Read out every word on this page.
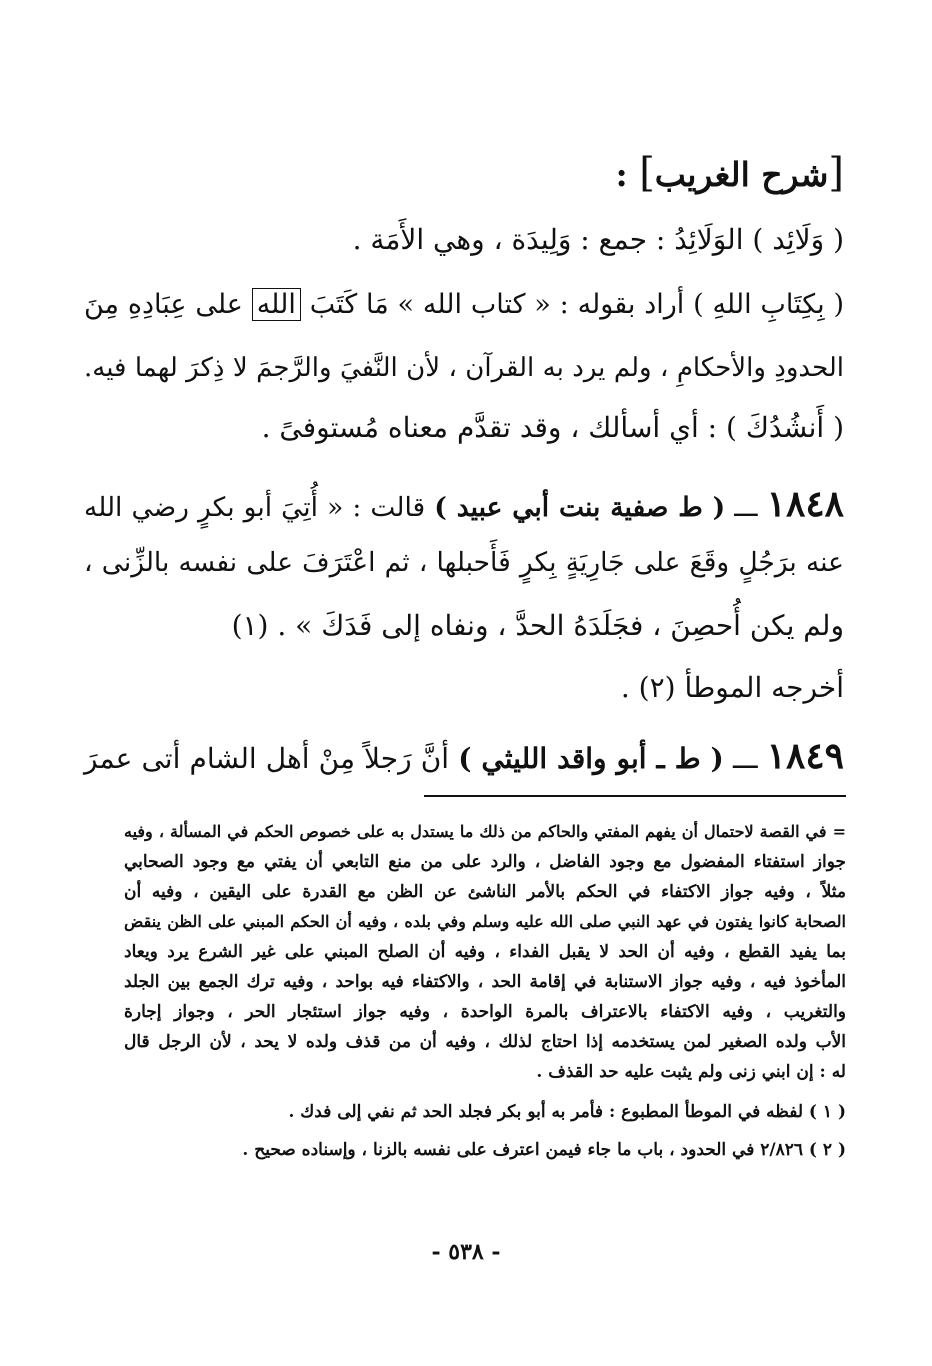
[شرح الغريب] :
( وَلَائِد ) الوَلَائِدُ : جمع : وَلِيدَة ، وهي الأَمَة .
( بِكِتَابِ اللهِ ) أراد بقوله : « كتاب الله » مَا كَتَبَ الله على عِبَادِهِ مِنَ
الحدودِ والأحكامِ ، ولم يرد به القرآن ، لأن النَّفيَ والرَّجمَ لا ذِكرَ لهما فيه.
( أَنشُدُكَ ) : أي أسألك ، وقد تقدَّم معناه مُستوفىً .
١٨٤٨ ـــ ( ط صفية بنت أبي عبيد ) قالت : « أُتِيَ أبو بكرٍ رضي الله
عنه برَجُلٍ وقَعَ على جَارِيَةٍ بِكرٍ فَأَحبلها ، ثم اعْتَرَفَ على نفسه بالزِّنى ،
ولم يكن أُحصِنَ ، فجَلَدَهُ الحدَّ ، ونفاه إلى فَدَكَ » . (١)
أخرجه الموطأ (٢) .
١٨٤٩ ـــ ( ط ـ أبو واقد الليثي ) أنَّ رَجلاً مِنْ أهل الشام أتى عمرَ
= في القصة لاحتمال أن يفهم المفتي والحاكم من ذلك ما يستدل به على خصوص الحكم في المسألة ، وفيه
جواز استفتاء المفضول مع وجود الفاضل ، والرد على من منع التابعي أن يفتي مع وجود الصحابي
مثلاً ، وفيه جواز الاكتفاء في الحكم بالأمر الناشئ عن الظن مع القدرة على اليقين ، وفيه أن
الصحابة كانوا يفتون في عهد النبي صلى الله عليه وسلم وفي بلده ، وفيه أن الحكم المبني على الظن ينقض
بما يفيد القطع ، وفيه أن الحد لا يقبل الفداء ، وفيه أن الصلح المبني على غير الشرع يرد ويعاد
المأخوذ فيه ، وفيه جواز الاستنابة في إقامة الحد ، والاكتفاء فيه بواحد ، وفيه ترك الجمع بين الجلد
والتغريب ، وفيه الاكتفاء بالاعتراف بالمرة الواحدة ، وفيه جواز استئجار الحر ، وجواز إجارة
الأب ولده الصغير لمن يستخدمه إذا احتاج لذلك ، وفيه أن من قذف ولده لا يحد ، لأن الرجل قال
له : إن ابني زنى ولم يثبت عليه حد القذف .
( ١ ) لفظه في الموطأ المطبوع : فأمر به أبو بكر فجلد الحد ثم نفي إلى فدك .
( ٢ ) ٢/٨٢٦ في الحدود ، باب ما جاء فيمن اعترف على نفسه بالزنا ، وإسناده صحيح .
- ٥٣٨ -
